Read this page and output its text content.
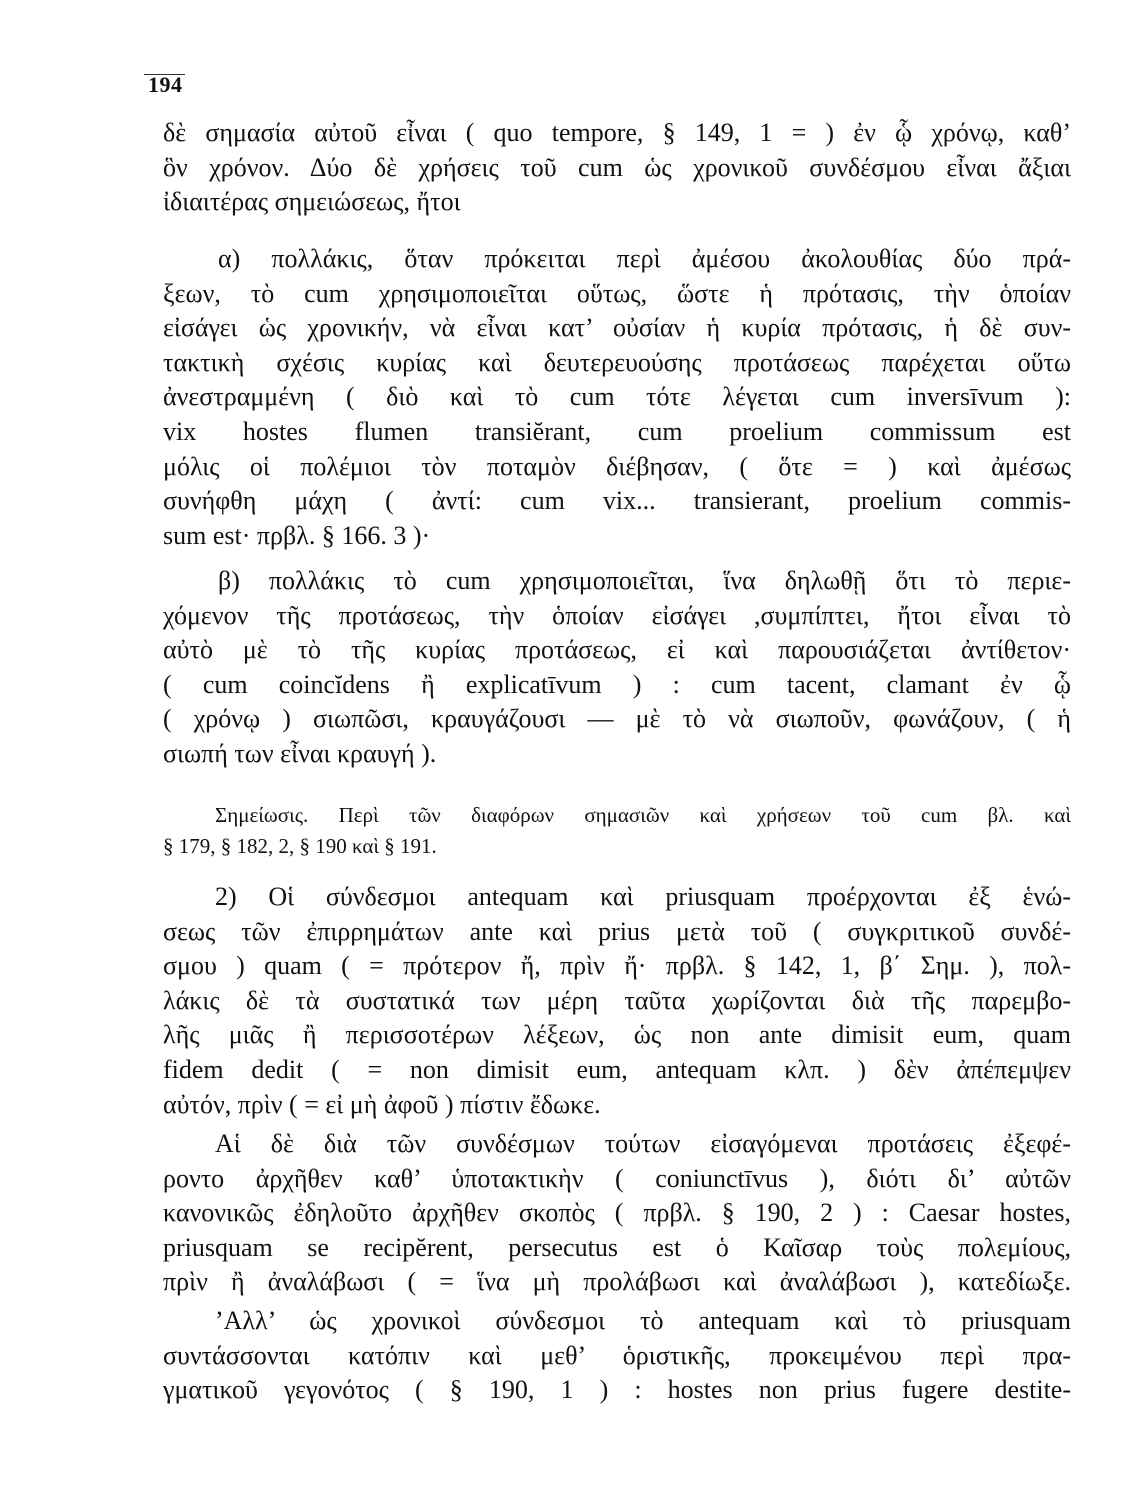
194
δὲ σημασία αὐτοῦ εἶναι ( quo tempore, § 149, 1 = ) ἐν ᾧ χρόνῳ, καθ’
ὃν χρόνον. Δύο δὲ χρήσεις τοῦ cum ὡς χρονικοῦ συνδέσμου εἶναι ἄξιαι
ἰδιαιτέρας σημειώσεως, ἤτοι
α) πολλάκις, ὅταν πρόκειται περὶ ἀμέσου ἀκολουθίας δύο πρά-
ξεων, τὸ cum χρησιμοποιεῖται οὕτως, ὥστε ἡ πρότασις, τὴν ὁποίαν
εἰσάγει ὡς χρονικήν, νὰ εἶναι κατ’ οὐσίαν ἡ κυρία πρότασις, ἡ δὲ συν-
τακτικὴ σχέσις κυρίας καὶ δευτερευούσης προτάσεως παρέχεται οὕτω
ἀνεστραμμένη ( διὸ καὶ τὸ cum τότε λέγεται cum inversīvum ):
vix hostes flumen transiĕrant, cum proelium commissum est
μόλις οἱ πολέμιοι τὸν ποταμὸν διέβησαν, ( ὅτε = ) καὶ ἀμέσως
συνήφθη μάχη ( ἀντί: cum vix... transierant, proelium commis-
sum est· πρβλ. § 166. 3 )·
β) πολλάκις τὸ cum χρησιμοποιεῖται, ἵνα δηλωθῇ ὅτι τὸ περιε-
χόμενον τῆς προτάσεως, τὴν ὁποίαν εἰσάγει ,συμπίπτει, ἤτοι εἶναι τὸ
αὐτὸ μὲ τὸ τῆς κυρίας προτάσεως, εἰ καὶ παρουσιάζεται ἀντίθετον·
( cum coincĭdens ἢ explicatīvum ) : cum tacent, clamant ἐν ᾧ
( χρόνῳ ) σιωπῶσι, κραυγάζουσι — μὲ τὸ νὰ σιωποῦν, φωνάζουν, ( ἡ
σιωπή των εἶναι κραυγή ).
Σημείωσις. Περὶ τῶν διαφόρων σημασιῶν καὶ χρήσεων τοῦ cum βλ. καὶ
§ 179, § 182, 2, § 190 καὶ § 191.
2) Οἱ σύνδεσμοι antequam καὶ priusquam προέρχονται ἐξ ἑνώ-
σεως τῶν ἐπιρρημάτων ante καὶ prius μετὰ τοῦ ( συγκριτικοῦ συνδέ-
σμου ) quam ( = πρότερον ἤ, πρὶν ἤ· πρβλ. § 142, 1, β΄ Σημ. ), πολ-
λάκις δὲ τὰ συστατικά των μέρη ταῦτα χωρίζονται διὰ τῆς παρεμβο-
λῆς μιᾶς ἢ περισσοτέρων λέξεων, ὡς non ante dimisit eum, quam
fidem dedit ( = non dimisit eum, antequam κλπ. ) δὲν ἀπέπεμψεν
αὐτόν, πρὶν ( = εἰ μὴ ἀφοῦ ) πίστιν ἔδωκε.
Αἱ δὲ διὰ τῶν συνδέσμων τούτων εἰσαγόμεναι προτάσεις ἐξεφέ-
ροντο ἀρχῆθεν καθ’ ὑποτακτικὴν ( coniunctīvus ), διότι δι’ αὐτῶν
κανονικῶς ἐδηλοῦτο ἀρχῆθεν σκοπὸς ( πρβλ. § 190, 2 ) : Caesar hostes,
priusquam se recipĕrent, persecutus est ὁ Καῖσαρ τοὺς πολεμίους,
πρὶν ἢ ἀναλάβωσι ( = ἵνα μὴ προλάβωσι καὶ ἀναλάβωσι ), κατεδίωξε.
’Αλλ’ ὡς χρονικοὶ σύνδεσμοι τὸ antequam καὶ τὸ priusquam
συντάσσονται κατόπιν καὶ μεθ’ ὁριστικῆς, προκειμένου περὶ πρα-
γματικοῦ γεγονότος ( § 190, 1 ) : hostes non prius fugere destite-
